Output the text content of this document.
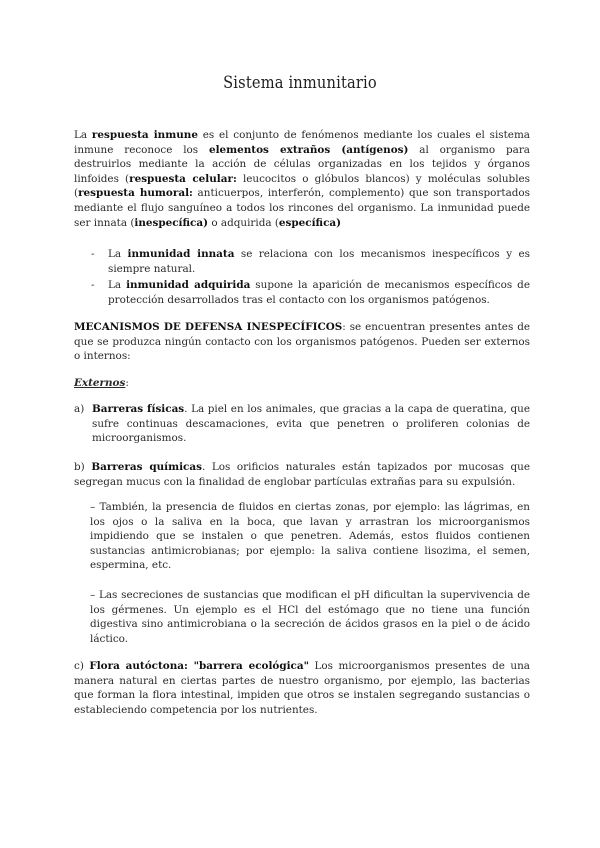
Sistema inmunitario
La respuesta inmune es el conjunto de fenómenos mediante los cuales el sistema inmune reconoce los elementos extraños (antígenos) al organismo para destruirlos mediante la acción de células organizadas en los tejidos y órganos linfoides (respuesta celular: leucocitos o glóbulos blancos) y moléculas solubles (respuesta humoral: anticuerpos, interferón, complemento) que son transportados mediante el flujo sanguíneo a todos los rincones del organismo. La inmunidad puede ser innata (inespecífica) o adquirida (específica)
- La inmunidad innata se relaciona con los mecanismos inespecíficos y es siempre natural.
- La inmunidad adquirida supone la aparición de mecanismos específicos de protección desarrollados tras el contacto con los organismos patógenos.
MECANISMOS DE DEFENSA INESPECÍFICOS: se encuentran presentes antes de que se produzca ningún contacto con los organismos patógenos. Pueden ser externos o internos:
Externos:
a) Barreras físicas. La piel en los animales, que gracias a la capa de queratina, que sufre continuas descamaciones, evita que penetren o proliferen colonias de microorganismos.
b) Barreras químicas. Los orificios naturales están tapizados por mucosas que segregan mucus con la finalidad de englobar partículas extrañas para su expulsión.
– También, la presencia de fluidos en ciertas zonas, por ejemplo: las lágrimas, en los ojos o la saliva en la boca, que lavan y arrastran los microorganismos impidiendo que se instalen o que penetren. Además, estos fluidos contienen sustancias antimicrobianas; por ejemplo: la saliva contiene lisozima, el semen, espermina, etc.
– Las secreciones de sustancias que modifican el pH dificultan la supervivencia de los gérmenes. Un ejemplo es el HCl del estómago que no tiene una función digestiva sino antimicrobiana o la secreción de ácidos grasos en la piel o de ácido láctico.
c) Flora autóctona: "barrera ecológica" Los microorganismos presentes de una manera natural en ciertas partes de nuestro organismo, por ejemplo, las bacterias que forman la flora intestinal, impiden que otros se instalen segregando sustancias o estableciendo competencia por los nutrientes.
